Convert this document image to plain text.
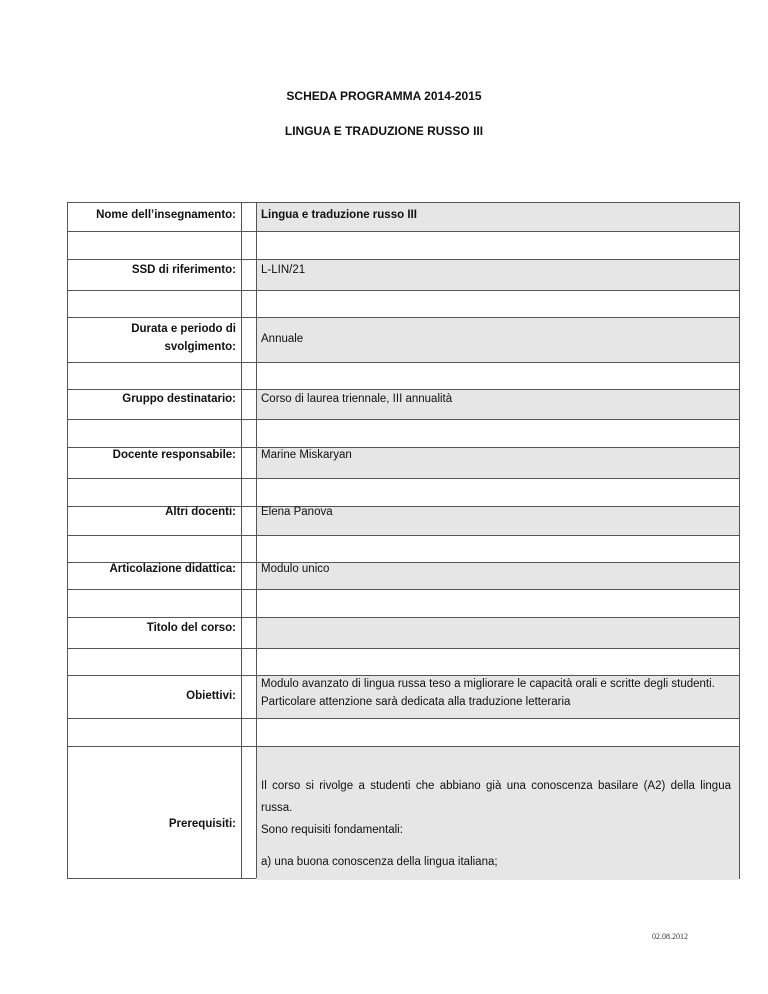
SCHEDA PROGRAMMA 2014-2015
LINGUA E TRADUZIONE RUSSO III
Nome dell’insegnamento: Lingua e traduzione russo III
SSD di riferimento: L-LIN/21
Durata e periodo di
svolgimento:
Annuale
Gruppo destinatario: Corso di laurea triennale, III annualità
Docente responsabile: Marine Miskaryan
Altri docenti: Elena Panova
Articolazione didattica: Modulo unico
Titolo del corso:
Obiettivi:
Modulo avanzato di lingua russa teso a migliorare le capacità orali e scritte degli studenti.
Particolare attenzione sarà dedicata alla traduzione letteraria
Prerequisiti:
Il corso si rivolge a studenti che abbiano già una conoscenza basilare (A2) della lingua russa.
Sono requisiti fondamentali:
a) una buona conoscenza della lingua italiana;
02.08.2012
